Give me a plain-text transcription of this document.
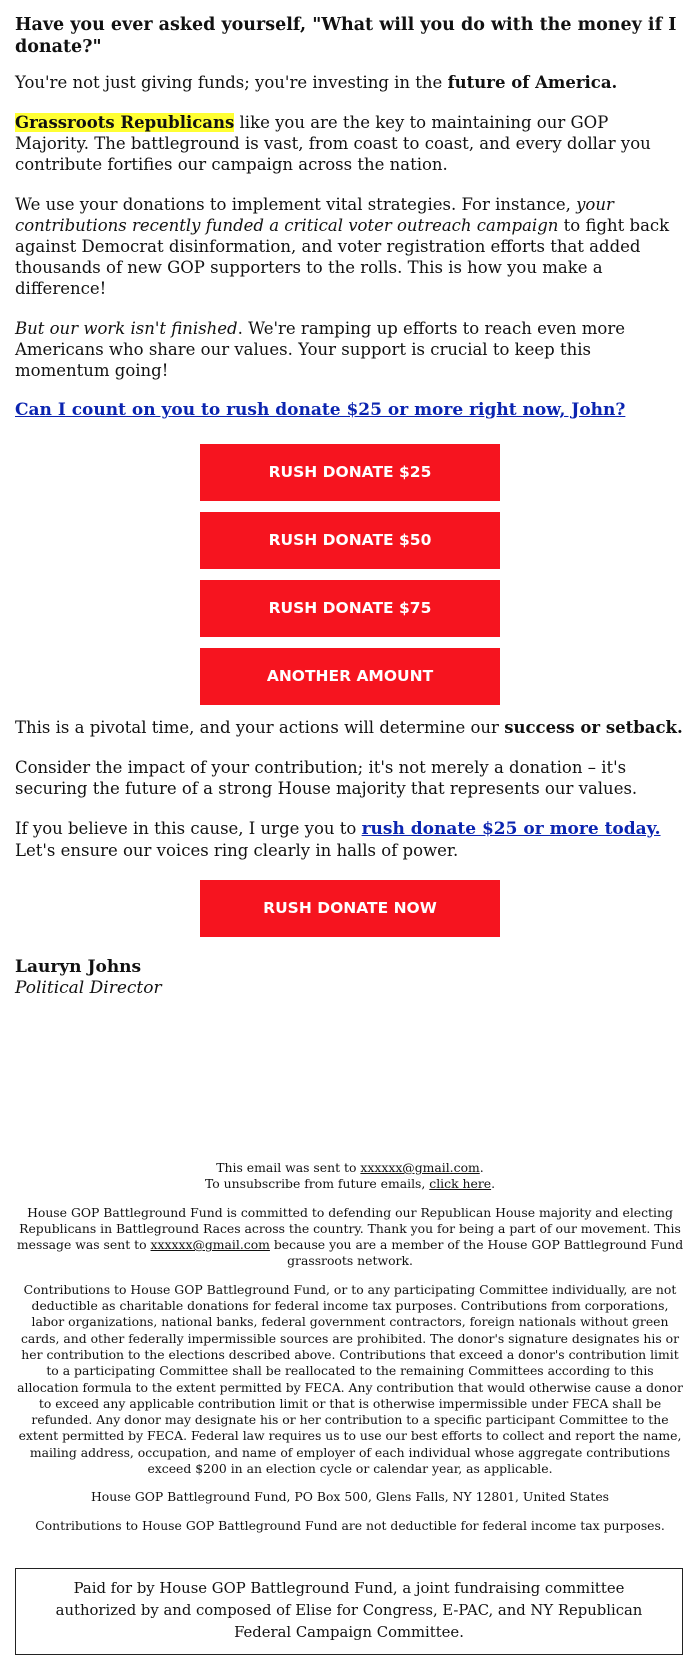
Have you ever asked yourself, "What will you do with the money if I donate?"

You're not just giving funds; you're investing in the future of America.

Grassroots Republicans like you are the key to maintaining our GOP Majority. The battleground is vast, from coast to coast, and every dollar you contribute fortifies our campaign across the nation.

We use your donations to implement vital strategies. For instance, your contributions recently funded a critical voter outreach campaign to fight back against Democrat disinformation, and voter registration efforts that added thousands of new GOP supporters to the rolls. This is how you make a difference!

But our work isn't finished. We're ramping up efforts to reach even more Americans who share our values. Your support is crucial to keep this momentum going!

Can I count on you to rush donate $25 or more right now, John?
RUSH DONATE $25
RUSH DONATE $50
RUSH DONATE $75
ANOTHER AMOUNT

This is a pivotal time, and your actions will determine our success or setback.

Consider the impact of your contribution; it's not merely a donation – it's securing the future of a strong House majority that represents our values.

If you believe in this cause, I urge you to rush donate $25 or more today. Let's ensure our voices ring clearly in halls of power.

RUSH DONATE NOW
Lauryn Johns
Political Director

This email was sent to xxxxxx@gmail.com.
To unsubscribe from future emails, click here.

House GOP Battleground Fund is committed to defending our Republican House majority and electing Republicans in Battleground Races across the country. Thank you for being a part of our movement. This message was sent to xxxxxx@gmail.com because you are a member of the House GOP Battleground Fund grassroots network.

Contributions to House GOP Battleground Fund, or to any participating Committee individually, are not deductible as charitable donations for federal income tax purposes. Contributions from corporations, labor organizations, national banks, federal government contractors, foreign nationals without green cards, and other federally impermissible sources are prohibited. The donor's signature designates his or her contribution to the elections described above. Contributions that exceed a donor's contribution limit to a participating Committee shall be reallocated to the remaining Committees according to this allocation formula to the extent permitted by FECA. Any contribution that would otherwise cause a donor to exceed any applicable contribution limit or that is otherwise impermissible under FECA shall be refunded. Any donor may designate his or her contribution to a specific participant Committee to the extent permitted by FECA. Federal law requires us to use our best efforts to collect and report the name, mailing address, occupation, and name of employer of each individual whose aggregate contributions exceed $200 in an election cycle or calendar year, as applicable.

House GOP Battleground Fund, PO Box 500, Glens Falls, NY 12801, United States

Contributions to House GOP Battleground Fund are not deductible for federal income tax purposes.

Paid for by House GOP Battleground Fund, a joint fundraising committee authorized by and composed of Elise for Congress, E-PAC, and NY Republican Federal Campaign Committee.
